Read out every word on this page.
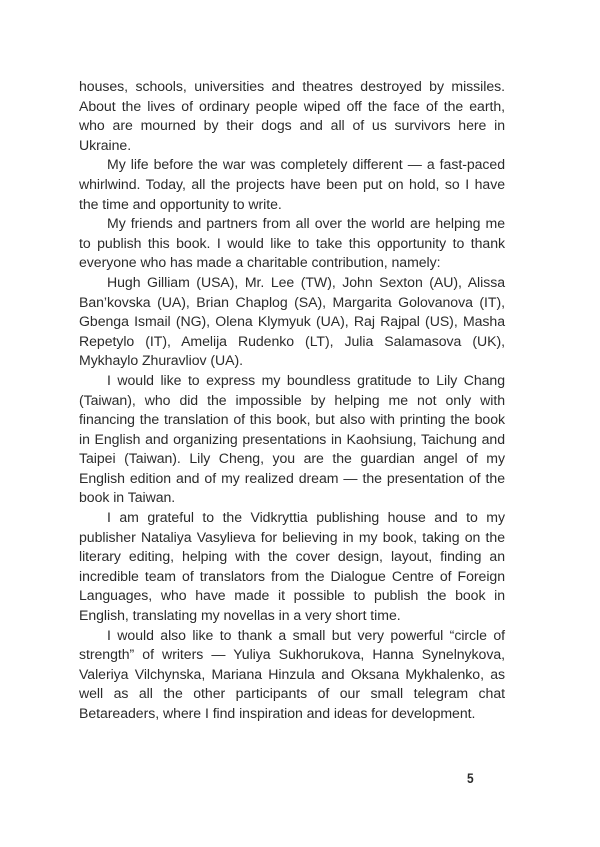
houses, schools, universities and theatres destroyed by missiles. About the lives of ordinary people wiped off the face of the earth, who are mourned by their dogs and all of us survivors here in Ukraine.

My life before the war was completely different — a fast-paced whirlwind. Today, all the projects have been put on hold, so I have the time and opportunity to write.

My friends and partners from all over the world are helping me to publish this book. I would like to take this opportunity to thank everyone who has made a charitable contribution, namely:

Hugh Gilliam (USA), Mr. Lee (TW), John Sexton (AU), Alissa Ban’kovska (UA), Brian Chaplog (SA), Margarita Golovanova (IT), Gbenga Ismail (NG), Olena Klymyuk (UA), Raj Rajpal (US), Masha Repetylo (IT), Amelija Rudenko (LT), Julia Salamasova (UK), Mykhaylo Zhuravliov (UA).

I would like to express my boundless gratitude to Lily Chang (Taiwan), who did the impossible by helping me not only with financing the translation of this book, but also with printing the book in English and organizing presentations in Kaohsiung, Taichung and Taipei (Taiwan). Lily Cheng, you are the guardian angel of my English edition and of my realized dream — the presentation of the book in Taiwan.

I am grateful to the Vidkryttia publishing house and to my publisher Nataliya Vasylieva for believing in my book, taking on the literary editing, helping with the cover design, layout, finding an incredible team of translators from the Dialogue Centre of Foreign Languages, who have made it possible to publish the book in English, translating my novellas in a very short time.

I would also like to thank a small but very powerful “circle of strength” of writers — Yuliya Sukhorukova, Hanna Synelnykova, Valeriya Vilchynska, Mariana Hinzula and Oksana Mykhalenko, as well as all the other participants of our small telegram chat Betareaders, where I find inspiration and ideas for development.

5
